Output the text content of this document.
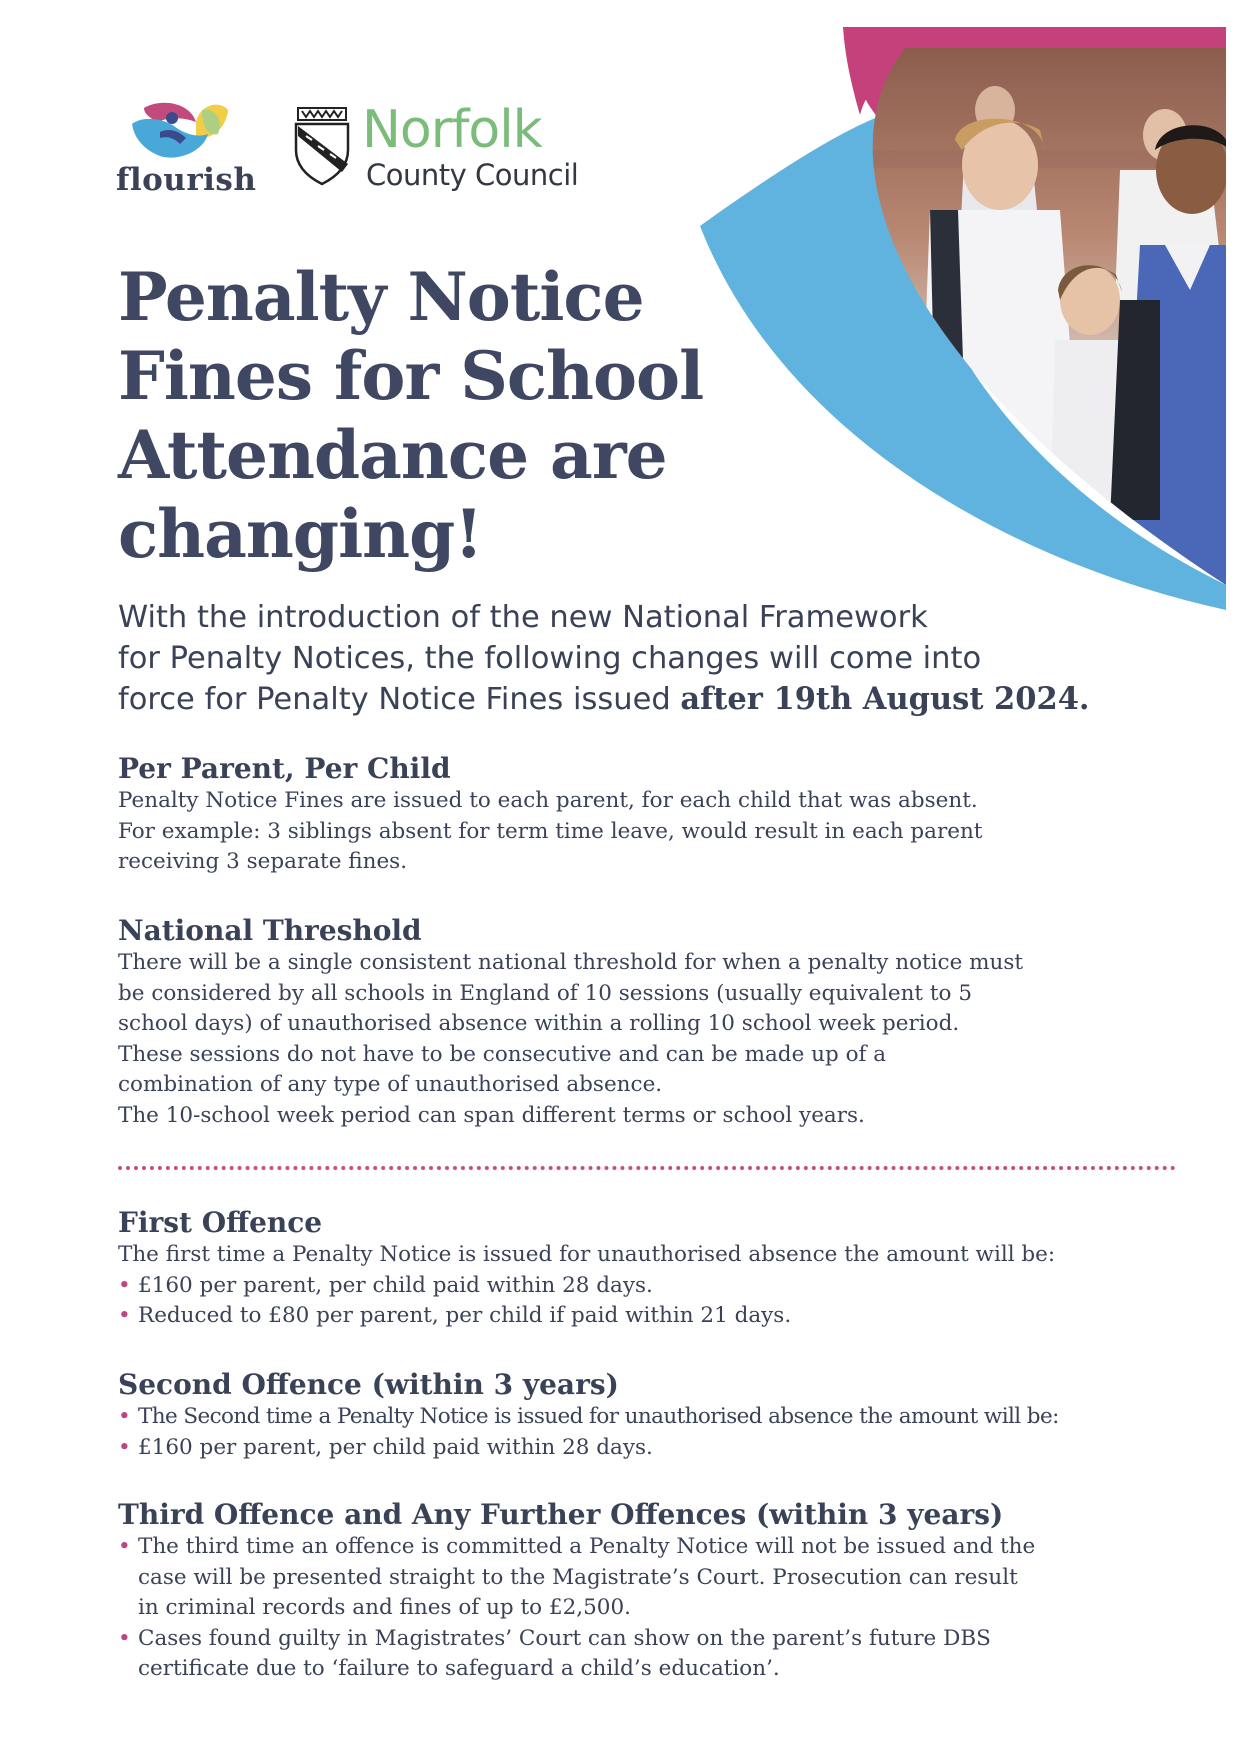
flourish
Norfolk
County Council
Penalty Notice
Fines for School
Attendance are
changing!

With the introduction of the new National Framework
for Penalty Notices, the following changes will come into
force for Penalty Notice Fines issued after 19th August 2024.

Per Parent, Per Child

Penalty Notice Fines are issued to each parent, for each child that was absent.
For example: 3 siblings absent for term time leave, would result in each parent
receiving 3 separate fines.

National Threshold

There will be a single consistent national threshold for when a penalty notice must
be considered by all schools in England of 10 sessions (usually equivalent to 5
school days) of unauthorised absence within a rolling 10 school week period.
These sessions do not have to be consecutive and can be made up of a
combination of any type of unauthorised absence.
The 10-school week period can span different terms or school years.

First Offence

The first time a Penalty Notice is issued for unauthorised absence the amount will be:

• £160 per parent, per child paid within 28 days.
• Reduced to £80 per parent, per child if paid within 21 days.
Second Offence (within 3 years)
• The Second time a Penalty Notice is issued for unauthorised absence the amount will be:
• £160 per parent, per child paid within 28 days.
Third Offence and Any Further Offences (within 3 years)
• The third time an offence is committed a Penalty Notice will not be issued and the
case will be presented straight to the Magistrate’s Court. Prosecution can result
in criminal records and fines of up to £2,500.
• Cases found guilty in Magistrates’ Court can show on the parent’s future DBS
certificate due to ‘failure to safeguard a child’s education’.
